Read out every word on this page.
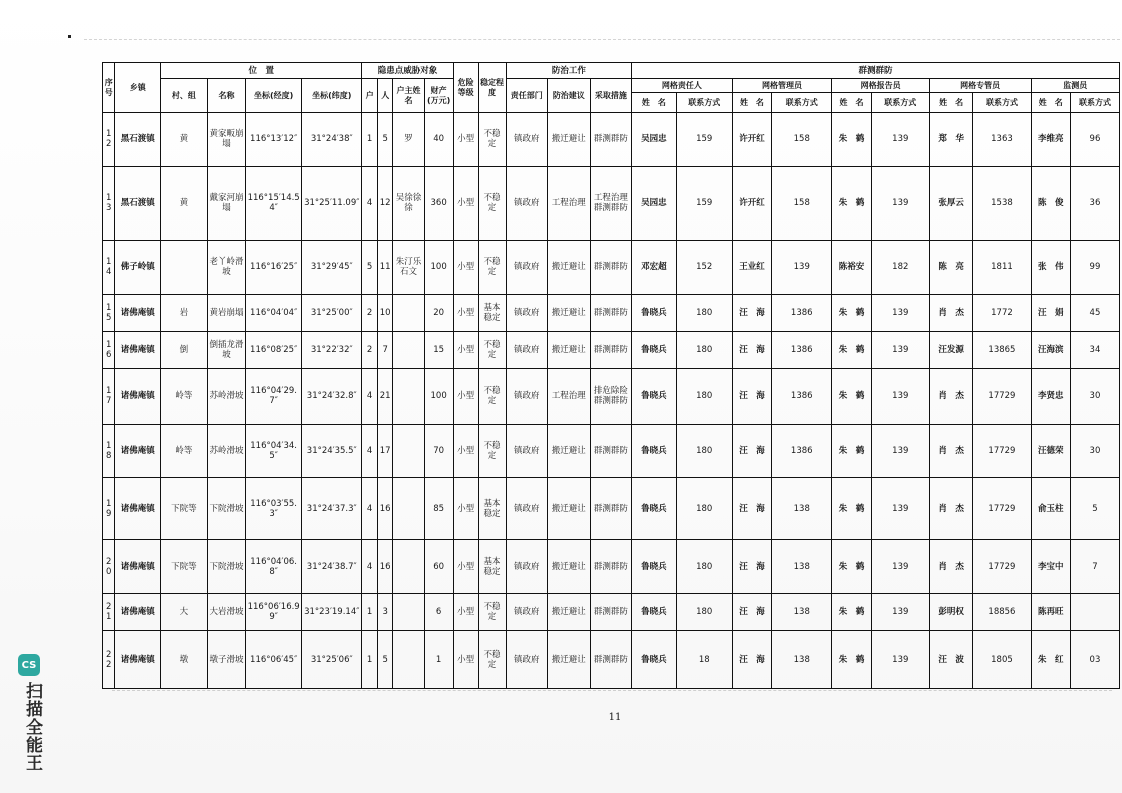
序号	乡镇	位　置				隐患点威胁对象				危险等级	稳定程度	防治工作			群测群防									
		村、组	名称	坐标(经度)	坐标(纬度)	户	人	户主姓名	财产(万元)			责任部门	防治建议	采取措施	网格责任人		网格管理员		网格报告员		网格专管员		监测员	
															姓　名	联系方式	姓　名	联系方式	姓　名	联系方式	姓　名	联系方式	姓　名	联系方式
12	黑石渡镇	黄	黄家畈崩塌	116°13′12″	31°24′38″	1	5	罗	40	小型	不稳定	镇政府	搬迁避让	群测群防	吴园忠	159	许开红	158	朱　鹤	139	郑　华	1363	李维亮	96
13	黑石渡镇	黄	戴家河崩塌	116°15′14.54″	31°25′11.09″	4	12	吴徐徐徐	360	小型	不稳定	镇政府	工程治理	工程治理群测群防	吴园忠	159	许开红	158	朱　鹤	139	张厚云	1538	陈　俊	36
14	佛子岭镇		老丫岭滑坡	116°16′25″	31°29′45″	5	11	朱汀乐石文	100	小型	不稳定	镇政府	搬迁避让	群测群防	邓宏超	152	王业红	139	陈裕安	182	陈　亮	1811	张　伟	99
15	诸佛庵镇	岩	黄岩崩塌	116°04′04″	31°25′00″	2	10		20	小型	基本稳定	镇政府	搬迁避让	群测群防	鲁晓兵	180	汪　海	1386	朱　鹤	139	肖　杰	1772	汪　娟	45
16	诸佛庵镇	倒	倒插龙滑坡	116°08′25″	31°22′32″	2	7		15	小型	不稳定	镇政府	搬迁避让	群测群防	鲁晓兵	180	汪　海	1386	朱　鹤	139	汪发源	13865	汪海滨	34
17	诸佛庵镇	岭等	苏岭滑坡	116°04′29.7″	31°24′32.8″	4	21		100	小型	不稳定	镇政府	工程治理	排危除险群测群防	鲁晓兵	180	汪　海	1386	朱　鹤	139	肖　杰	17729	李贤忠	30
18	诸佛庵镇	岭等	苏岭滑坡	116°04′34.5″	31°24′35.5″	4	17		70	小型	不稳定	镇政府	搬迁避让	群测群防	鲁晓兵	180	汪　海	1386	朱　鹤	139	肖　杰	17729	汪德荣	30
19	诸佛庵镇	下院等	下院滑坡	116°03′55.3″	31°24′37.3″	4	16		85	小型	基本稳定	镇政府	搬迁避让	群测群防	鲁晓兵	180	汪　海	138	朱　鹤	139	肖　杰	17729	俞玉柱	5
20	诸佛庵镇	下院等	下院滑坡	116°04′06.8″	31°24′38.7″	4	16		60	小型	基本稳定	镇政府	搬迁避让	群测群防	鲁晓兵	180	汪　海	138	朱　鹤	139	肖　杰	17729	李宝中	7
21	诸佛庵镇	大	大岩滑坡	116°06′16.99″	31°23′19.14″	1	3		6	小型	不稳定	镇政府	搬迁避让	群测群防	鲁晓兵	180	汪　海	138	朱　鹤	139	彭明权	18856	陈再旺	
22	诸佛庵镇	墩	墩子滑坡	116°06′45″	31°25′06″	1	5		1	小型	不稳定	镇政府	搬迁避让	群测群防	鲁晓兵	18	汪　海	138	朱　鹤	139	汪　波	1805	朱　红	03
11
CS
扫描全能王
